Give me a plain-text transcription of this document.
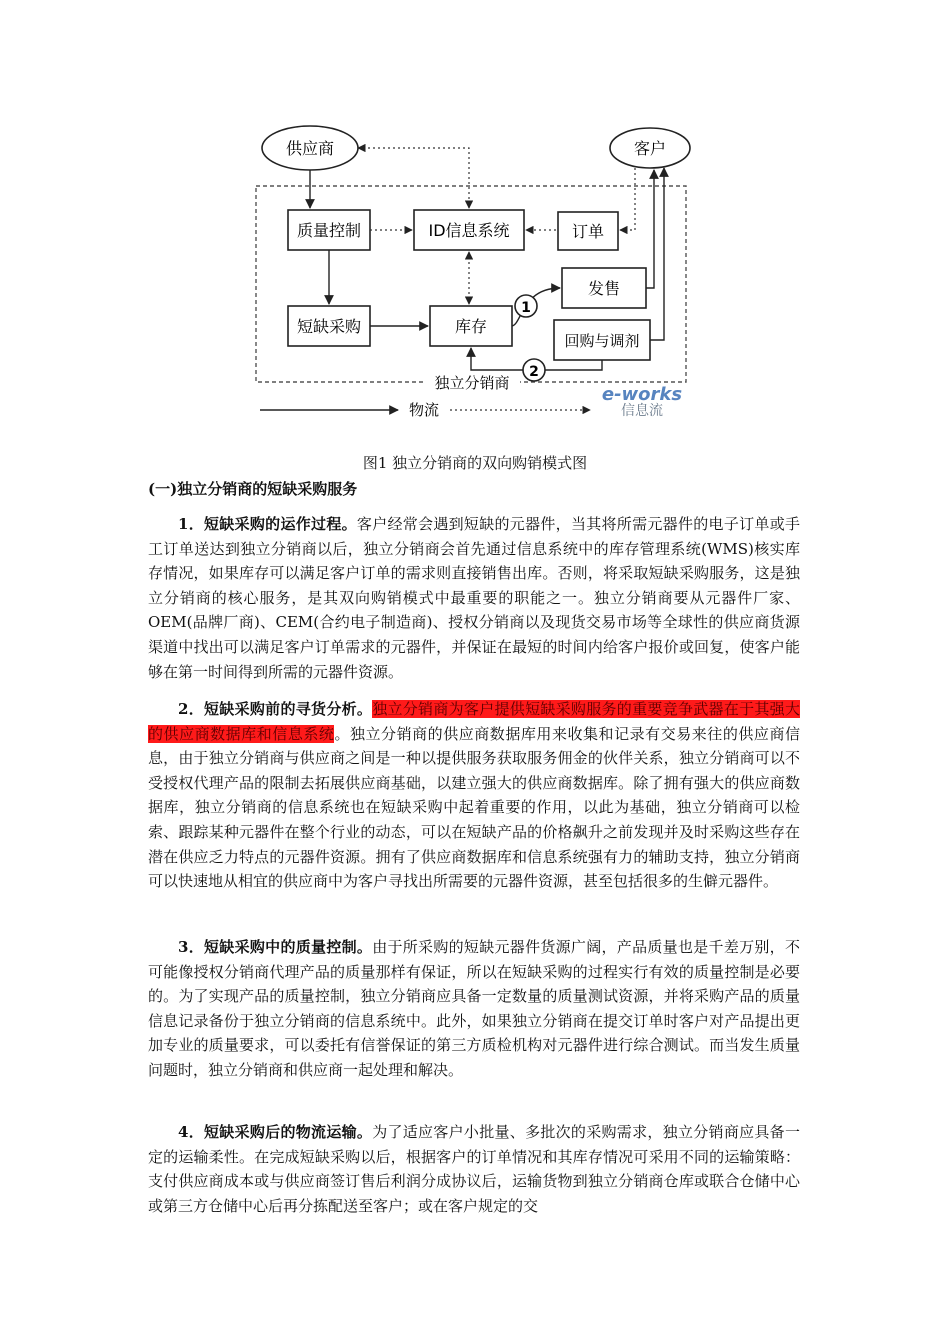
供应商	客户
质量控制	ID信息系统	订单
发售
短缺采购	库存
回购与调剂
1
2
独立分销商
物流	信息流
e-works
图1 独立分销商的双向购销模式图
(一)独立分销商的短缺采购服务

1．短缺采购的运作过程。客户经常会遇到短缺的元器件，当其将所需元器件的电子订单或手工订单送达到独立分销商以后，独立分销商会首先通过信息系统中的库存管理系统(WMS)核实库存情况，如果库存可以满足客户订单的需求则直接销售出库。否则，将采取短缺采购服务，这是独立分销商的核心服务，是其双向购销模式中最重要的职能之一。独立分销商要从元器件厂家、OEM(品牌厂商)、CEM(合约电子制造商)、授权分销商以及现货交易市场等全球性的供应商货源渠道中找出可以满足客户订单需求的元器件，并保证在最短的时间内给客户报价或回复，使客户能够在第一时间得到所需的元器件资源。

2．短缺采购前的寻货分析。独立分销商为客户提供短缺采购服务的重要竞争武器在于其强大的供应商数据库和信息系统。独立分销商的供应商数据库用来收集和记录有交易来往的供应商信息，由于独立分销商与供应商之间是一种以提供服务获取服务佣金的伙伴关系，独立分销商可以不受授权代理产品的限制去拓展供应商基础，以建立强大的供应商数据库。除了拥有强大的供应商数据库，独立分销商的信息系统也在短缺采购中起着重要的作用，以此为基础，独立分销商可以检索、跟踪某种元器件在整个行业的动态，可以在短缺产品的价格飙升之前发现并及时采购这些存在潜在供应乏力特点的元器件资源。拥有了供应商数据库和信息系统强有力的辅助支持，独立分销商可以快速地从相宜的供应商中为客户寻找出所需要的元器件资源，甚至包括很多的生僻元器件。

3．短缺采购中的质量控制。由于所采购的短缺元器件货源广阔，产品质量也是千差万别，不可能像授权分销商代理产品的质量那样有保证，所以在短缺采购的过程实行有效的质量控制是必要的。为了实现产品的质量控制，独立分销商应具备一定数量的质量测试资源，并将采购产品的质量信息记录备份于独立分销商的信息系统中。此外，如果独立分销商在提交订单时客户对产品提出更加专业的质量要求，可以委托有信誉保证的第三方质检机构对元器件进行综合测试。而当发生质量问题时，独立分销商和供应商一起处理和解决。

4．短缺采购后的物流运输。为了适应客户小批量、多批次的采购需求，独立分销商应具备一定的运输柔性。在完成短缺采购以后，根据客户的订单情况和其库存情况可采用不同的运输策略：支付供应商成本或与供应商签订售后利润分成协议后，运输货物到独立分销商仓库或联合仓储中心或第三方仓储中心后再分拣配送至客户；或在客户规定的交
